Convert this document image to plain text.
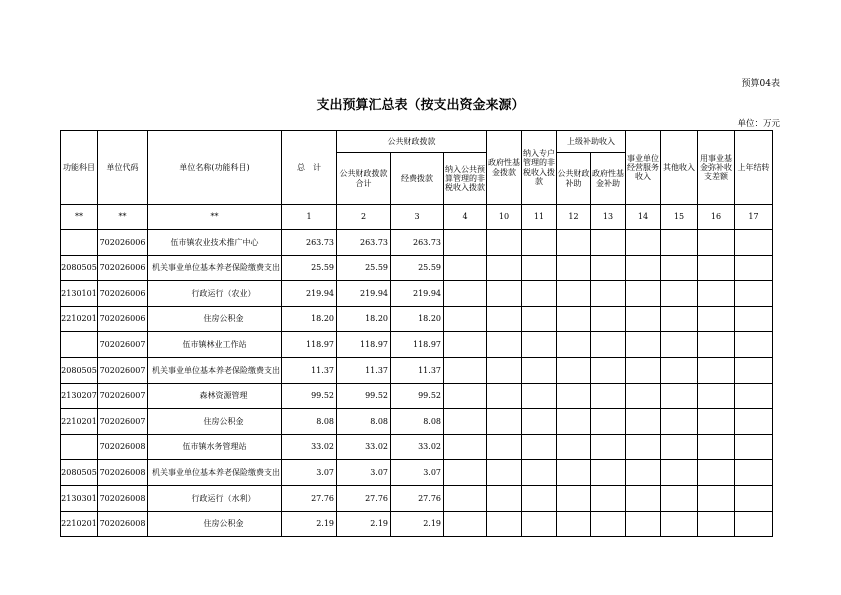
预算04表
支出预算汇总表（按支出资金来源）
单位：万元
功能科目	单位代码	单位名称(功能科目)	总　计	公共财政拨款			政府性基金拨款	纳入专户管理的非税收入拨款	上级补助收入		事业单位经营服务收入	其他收入	用事业基金弥补收支差额	上年结转
				公共财政拨款合计	经费拨款	纳入公共预算管理的非税收入拨款			公共财政补助	政府性基金补助				
**	**	**	1	2	3	4	10	11	12	13	14	15	16	17
	702026006	伍市镇农业技术推广中心	263.73	263.73	263.73									
2080505	702026006	机关事业单位基本养老保险缴费支出	25.59	25.59	25.59									
2130101	702026006	行政运行（农业）	219.94	219.94	219.94									
2210201	702026006	住房公积金	18.20	18.20	18.20									
	702026007	伍市镇林业工作站	118.97	118.97	118.97									
2080505	702026007	机关事业单位基本养老保险缴费支出	11.37	11.37	11.37									
2130207	702026007	森林资源管理	99.52	99.52	99.52									
2210201	702026007	住房公积金	8.08	8.08	8.08									
	702026008	伍市镇水务管理站	33.02	33.02	33.02									
2080505	702026008	机关事业单位基本养老保险缴费支出	3.07	3.07	3.07									
2130301	702026008	行政运行（水利）	27.76	27.76	27.76									
2210201	702026008	住房公积金	2.19	2.19	2.19									
